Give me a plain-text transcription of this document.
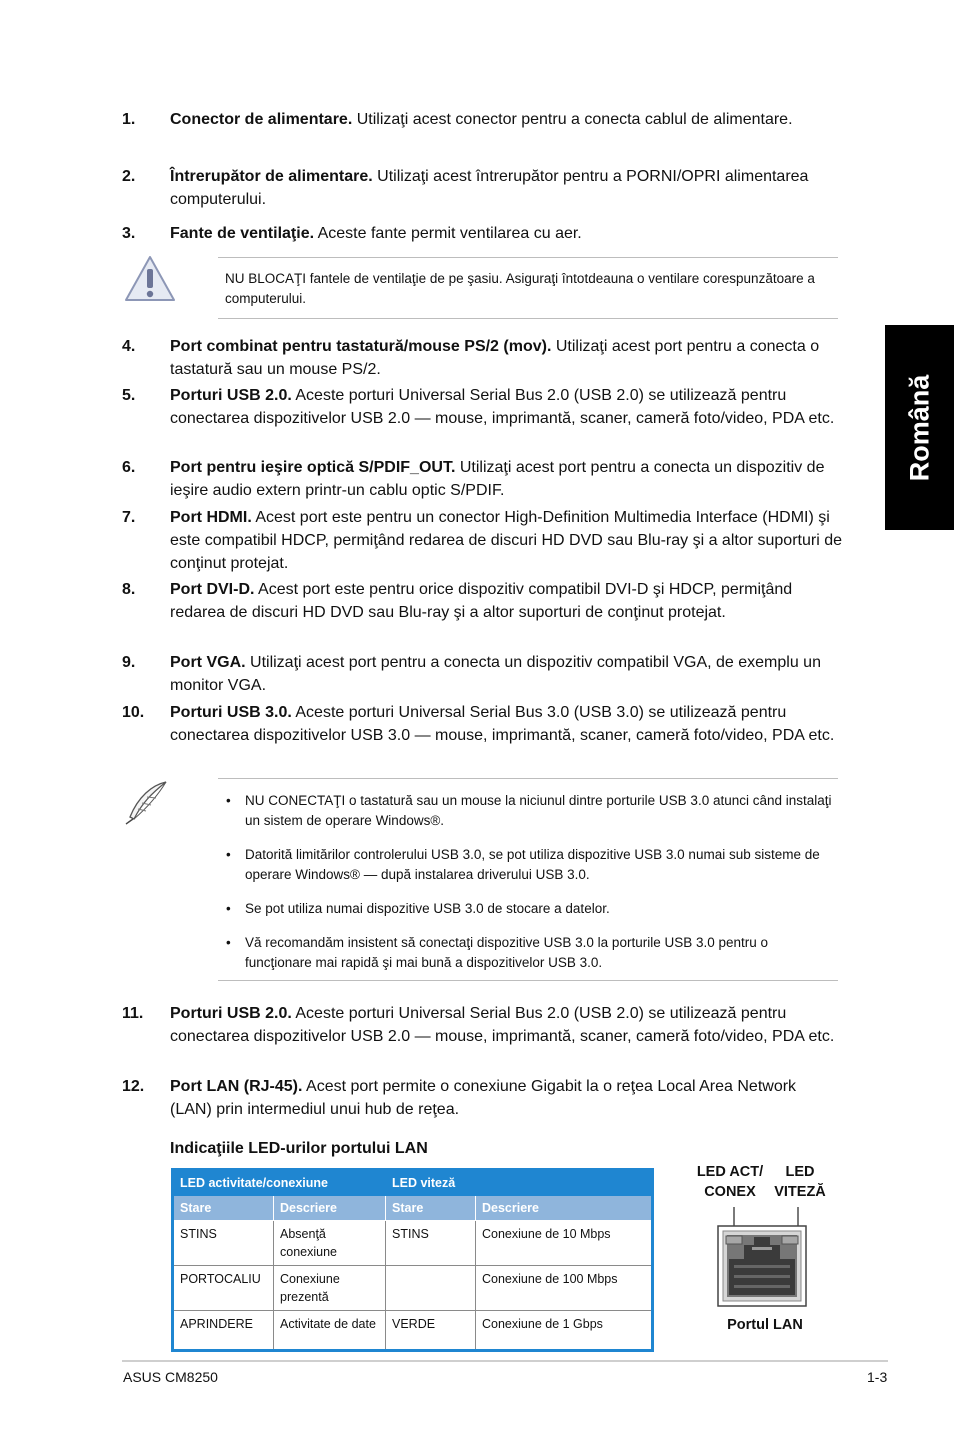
Română
1. Conector de alimentare. Utilizaţi acest conector pentru a conecta cablul de alimentare.
2. Întrerupător de alimentare. Utilizaţi acest întrerupător pentru a PORNI/OPRI alimentarea computerului.
3. Fante de ventilaţie. Aceste fante permit ventilarea cu aer.
NU BLOCAŢI fantele de ventilaţie de pe şasiu. Asiguraţi întotdeauna o ventilare corespunzătoare a computerului.
4. Port combinat pentru tastatură/mouse PS/2 (mov). Utilizaţi acest port pentru a conecta o tastatură sau un mouse PS/2.
5. Porturi USB 2.0. Aceste porturi Universal Serial Bus 2.0 (USB 2.0) se utilizează pentru conectarea dispozitivelor USB 2.0 — mouse, imprimantă, scaner, cameră foto/video, PDA etc.
6. Port pentru ieşire optică S/PDIF_OUT. Utilizaţi acest port pentru a conecta un dispozitiv de ieşire audio extern printr-un cablu optic S/PDIF.
7. Port HDMI. Acest port este pentru un conector High-Definition Multimedia Interface (HDMI) şi este compatibil HDCP, permiţând redarea de discuri HD DVD sau Blu-ray şi a altor suporturi de conţinut protejat.
8. Port DVI-D. Acest port este pentru orice dispozitiv compatibil DVI-D şi HDCP, permiţând redarea de discuri HD DVD sau Blu-ray şi a altor suporturi de conţinut protejat.
9. Port VGA. Utilizaţi acest port pentru a conecta un dispozitiv compatibil VGA, de exemplu un monitor VGA.
10. Porturi USB 3.0. Aceste porturi Universal Serial Bus 3.0 (USB 3.0) se utilizează pentru conectarea dispozitivelor USB 3.0 — mouse, imprimantă, scaner, cameră foto/video, PDA etc.
• NU CONECTAŢI o tastatură sau un mouse la niciunul dintre porturile USB 3.0 atunci când instalaţi un sistem de operare Windows®.
• Datorită limitărilor controlerului USB 3.0, se pot utiliza dispozitive USB 3.0 numai sub sisteme de operare Windows® — după instalarea driverului USB 3.0.
• Se pot utiliza numai dispozitive USB 3.0 de stocare a datelor.
• Vă recomandăm insistent să conectaţi dispozitive USB 3.0 la porturile USB 3.0 pentru o funcţionare mai rapidă şi mai bună a dispozitivelor USB 3.0.
11. Porturi USB 2.0. Aceste porturi Universal Serial Bus 2.0 (USB 2.0) se utilizează pentru conectarea dispozitivelor USB 2.0 — mouse, imprimantă, scaner, cameră foto/video, PDA etc.
12. Port LAN (RJ-45). Acest port permite o conexiune Gigabit la o reţea Local Area Network (LAN) prin intermediul unui hub de reţea.
Indicaţiile LED-urilor portului LAN
LED activitate/conexiune		LED viteză	
Stare	Descriere	Stare	Descriere
STINS	Absenţă conexiune	STINS	Conexiune de 10 Mbps
PORTOCALIU	Conexiune prezentă		Conexiune de 100 Mbps
APRINDERE	Activitate de date	VERDE	Conexiune de 1 Gbps
LED ACT/
CONEX
LED
VITEZĂ
Portul LAN
ASUS CM8250	1-3
